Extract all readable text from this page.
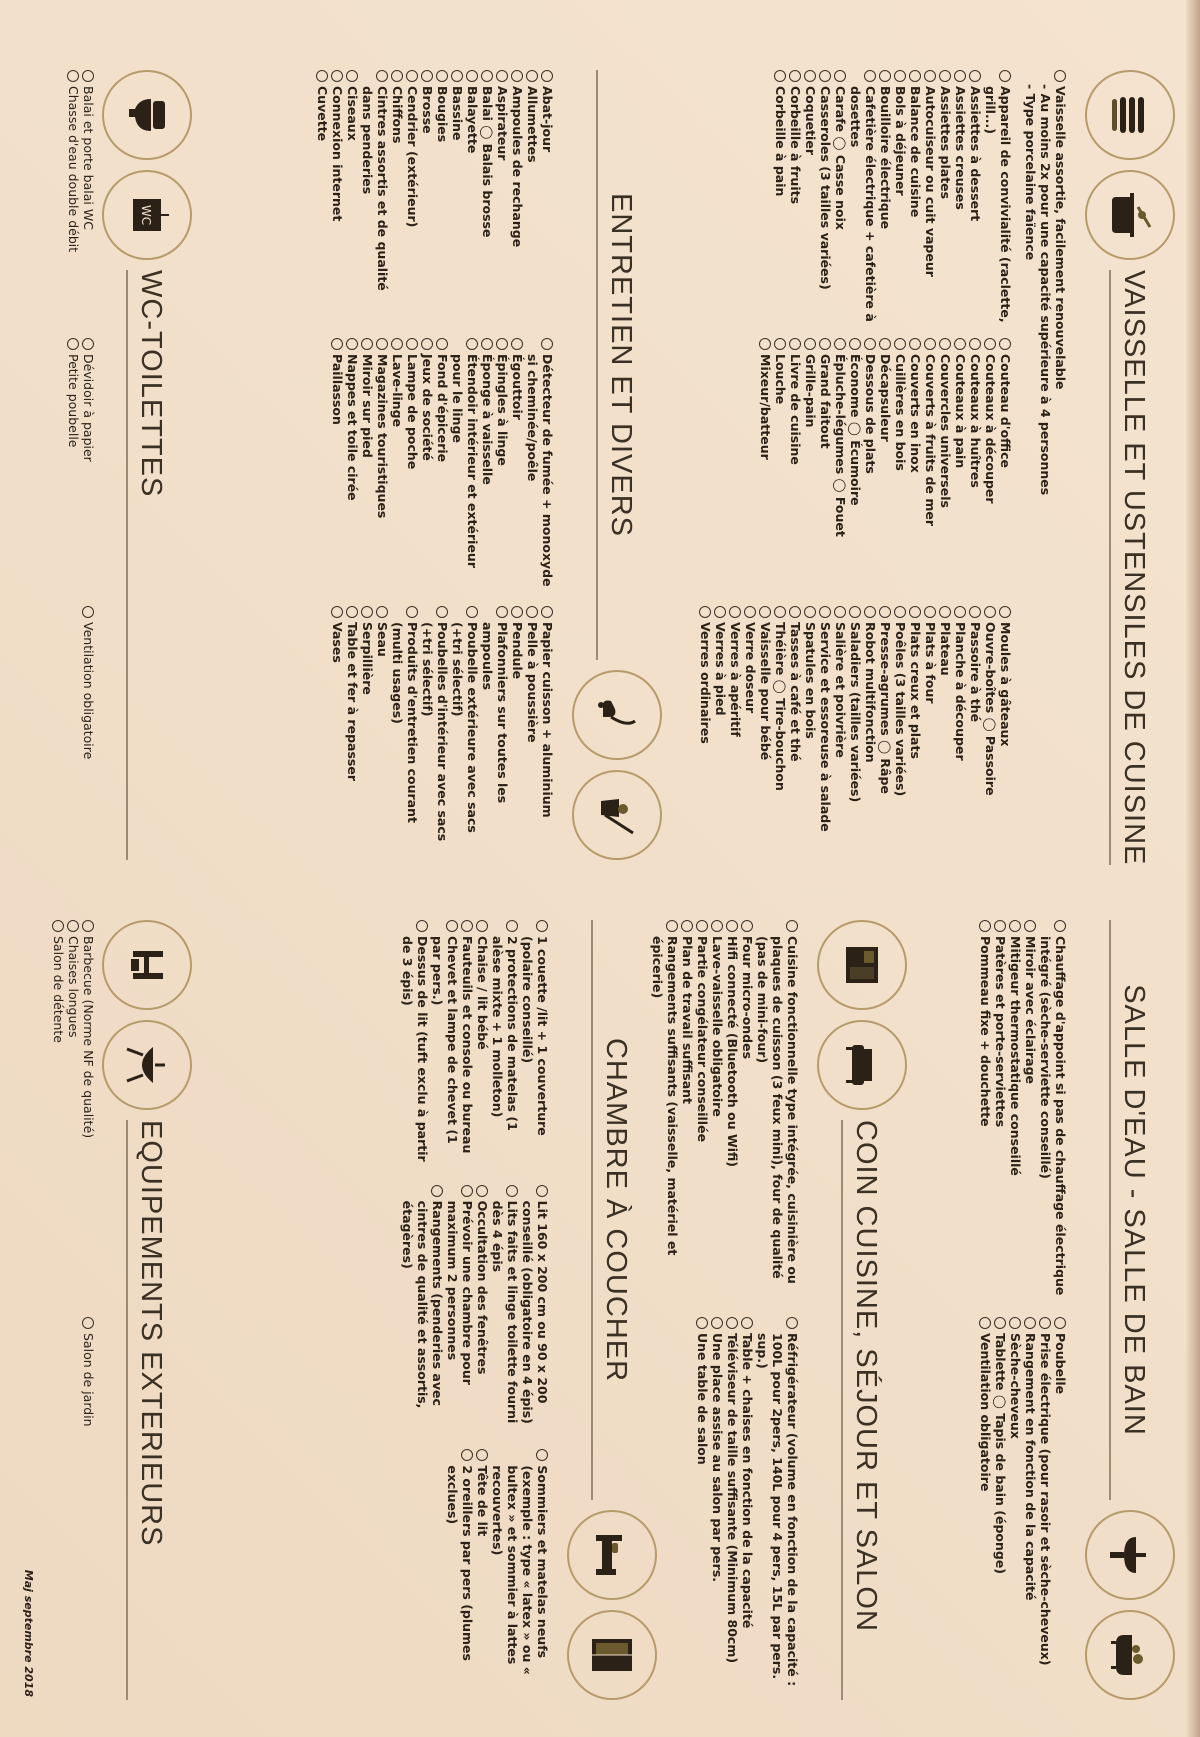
VAISSELLE ET USTENSILES DE CUISINE
Vaisselle assortie, facilement renouvelable
- Au moins 2x pour une capacité supérieure à 4 personnes
- Type porcelaine faïence
Appareil de convivialité (raclette, grill...)
Assiettes à dessert
Assiettes creuses
Assiettes plates
Autocuiseur ou cuit vapeur
Balance de cuisine
Bols à déjeuner
Bouilloire électrique
Cafetière électrique + cafetière à dosettes
Carafe ◯ Casse noix
Casseroles (3 tailles variées)
Coquetier
Corbeille à fruits
Corbeille à pain
Couteau d'office
Couteaux à découper
Couteaux à huîtres
Couteaux à pain
Couvercles universels
Couverts à fruits de mer
Couverts en inox
Cuillères en bois
Décapsuleur
Dessous de plats
Économe ◯ Écumoire
Épluche-légumes ◯ Fouet
Grand faitout
Grille-pain
Livre de cuisine
Louche
Mixeur/batteur
Moules à gâteaux
Ouvre-boîtes ◯ Passoire
Passoire à thé
Planche à découper
Plateau
Plats à four
Plats creux et plats
Poêles (3 tailles variées)
Presse-agrumes ◯ Râpe
Robot multifonction
Saladiers (tailles variées)
Salière et poivrière
Service et essoreuse à salade
Spatules en bois
Tasses à café et thé
Théière ◯ Tire-bouchon
Vaisselle pour bébé
Verre doseur
Verres à apéritif
Verres à pied
Verres ordinaires
ENTRETIEN ET DIVERS
Abat-jour
Allumettes
Ampoules de rechange
Aspirateur
Balai ◯ Balais brosse
Balayette
Bassine
Bougies
Brosse
Cendrier (extérieur)
Chiffons
Cintres assortis et de qualité dans penderies
Ciseaux
Connexion internet
Cuvette
Détecteur de fumée + monoxyde si cheminée/poêle
Égouttoir
Épingles à linge
Éponge à vaisselle
Étendoir intérieur et extérieur pour le linge
Fond d'épicerie
Jeux de société
Lampe de poche
Lave-linge
Magazines touristiques
Miroir sur pied
Nappes et toile cirée
Paillasson
Papier cuisson + aluminium
Pelle à poussière
Pendule
Plafonniers sur toutes les ampoules
Poubelle extérieure avec sacs (+tri sélectif)
Poubelles d'intérieur avec sacs (+tri sélectif)
Produits d'entretien courant (multi usages)
Seau
Serpillière
Table et fer à repasser
Vases
WC
WC-TOILETTES
Balai et porte balai WC
Chasse d'eau double débit
Dévidoir à papier
Petite poubelle
Ventilation obligatoire
SALLE D'EAU - SALLE DE BAIN
Chauffage d'appoint si pas de chauffage électrique intégré (sèche-serviette conseillé)
Miroir avec éclairage
Mitigeur thermostatique conseillé
Patères et porte-serviettes
Pommeau fixe + douchette
Poubelle
Prise électrique (pour rasoir et sèche-cheveux)
Rangement en fonction de la capacité
Sèche-cheveux
Tablette ◯ Tapis de bain (éponge)
Ventilation obligatoire
COIN CUISINE, SÉJOUR ET SALON
Cuisine fonctionnelle type intégrée, cuisinière ou plaques de cuisson (3 feux mini), four de qualité (pas de mini-four)
Four micro-ondes
Hifi connecté (Bluetooth ou Wifi)
Lave-vaisselle obligatoire
Partie congélateur conseillée
Plan de travail suffisant
Rangements suffisants (vaisselle, matériel et épicerie)
Réfrigérateur (volume en fonction de la capacité : 100L pour 2pers, 140L pour 4 pers, 15L par pers. sup.)
Table + chaises en fonction de la capacité
Téléviseur de taille suffisante (Minimum 80cm)
Une place assise au salon par pers.
Une table de salon
CHAMBRE À COUCHER
1 couette /lit + 1 couverture (polaire conseillé)
2 protections de matelas (1 alèse mixte + 1 molleton)
Chaise / lit bébé
Fauteuils et console ou bureau
Chevet et lampe de chevet (1 par pers.)
Dessus de lit (tuft exclu à partir de 3 épis)
Lit 160 x 200 cm ou 90 x 200 conseillé (obligatoire en 4 épis)
Lits faits et linge toilette fourni dès 4 épis
Occultation des fenêtres
Prévoir une chambre pour maximum 2 personnes
Rangements (penderies avec cintres de qualité et assortis, étagères)
Sommiers et matelas neufs (exemple : type « latex » ou « bultex » et sommier à lattes recouvertes)
Tête de lit
2 oreillers par pers (plumes exclues)
EQUIPEMENTS EXTERIEURS
Barbecue (Norme NF de qualité)
Chaises longues
Salon de détente
Salon de jardin
Maj septembre 2018
